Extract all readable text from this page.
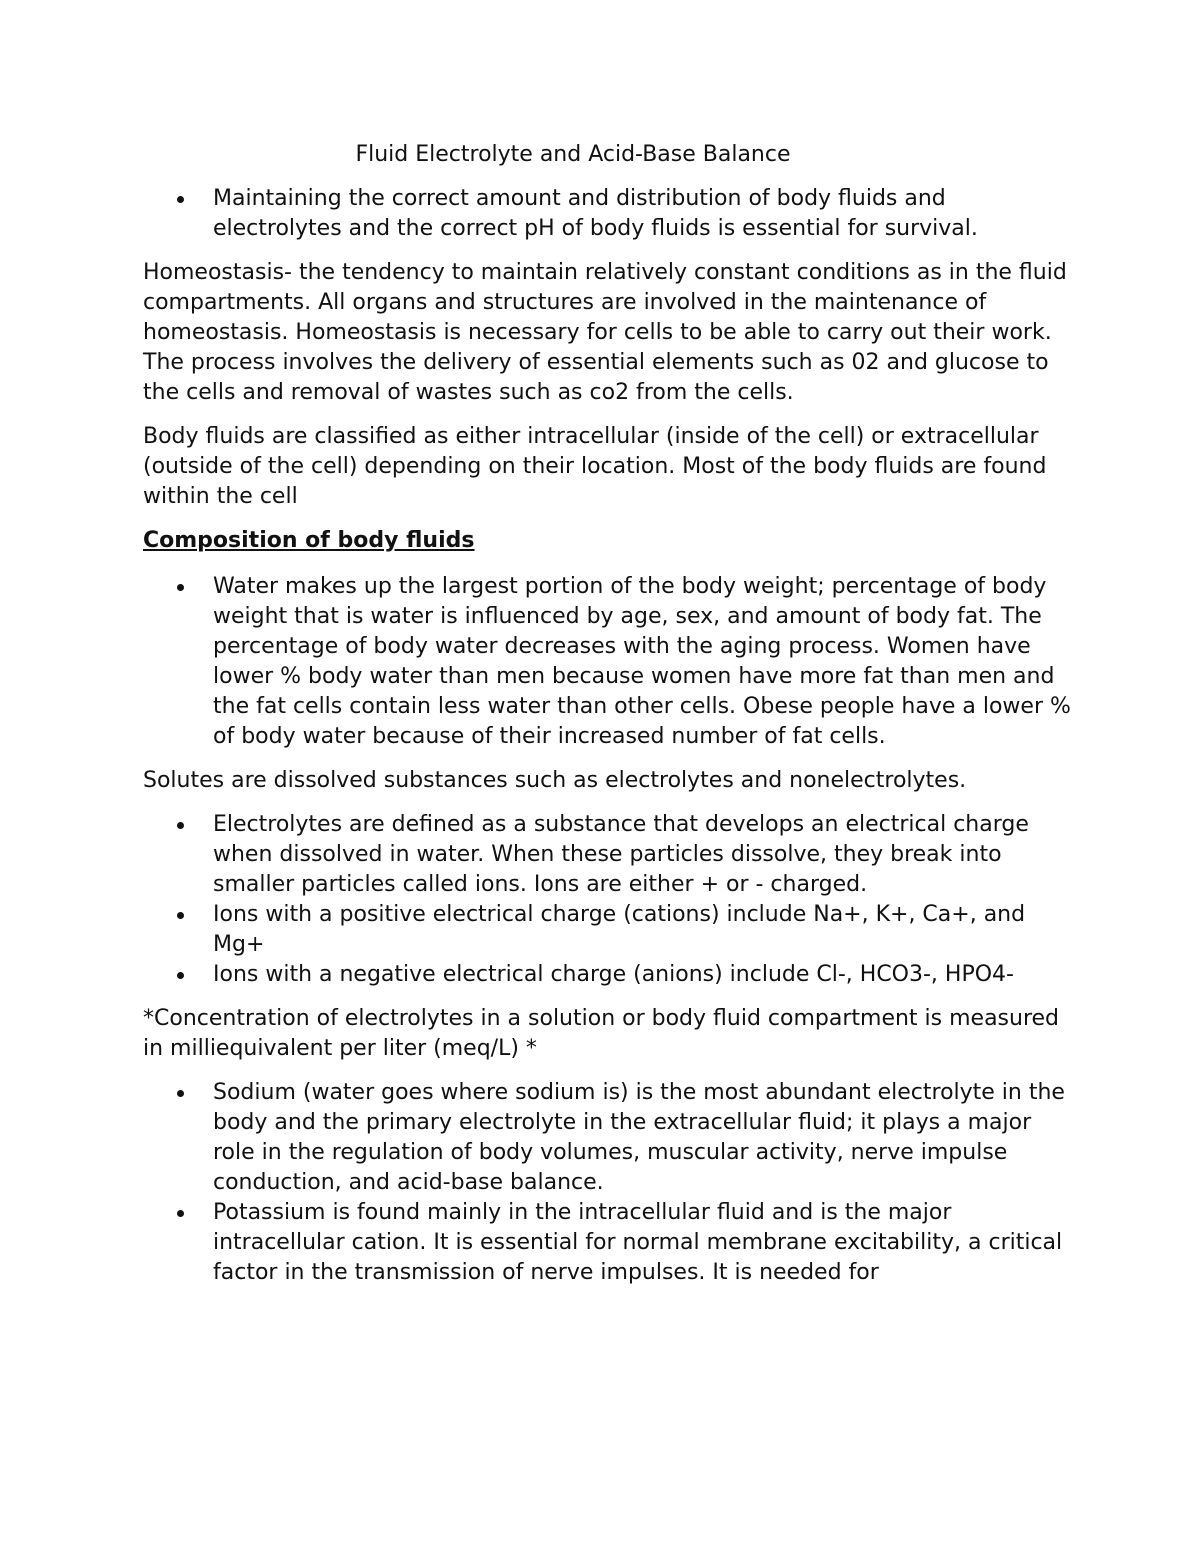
Fluid Electrolyte and Acid-Base Balance
Maintaining the correct amount and distribution of body fluids and electrolytes and the correct pH of body fluids is essential for survival.

Homeostasis- the tendency to maintain relatively constant conditions as in the fluid compartments. All organs and structures are involved in the maintenance of homeostasis. Homeostasis is necessary for cells to be able to carry out their work. The process involves the delivery of essential elements such as 02 and glucose to the cells and removal of wastes such as co2 from the cells.

Body fluids are classified as either intracellular (inside of the cell) or extracellular (outside of the cell) depending on their location. Most of the body fluids are found within the cell

Composition of body fluids
Water makes up the largest portion of the body weight; percentage of body weight that is water is influenced by age, sex, and amount of body fat. The percentage of body water decreases with the aging process. Women have lower % body water than men because women have more fat than men and the fat cells contain less water than other cells. Obese people have a lower % of body water because of their increased number of fat cells.

Solutes are dissolved substances such as electrolytes and nonelectrolytes.

Electrolytes are defined as a substance that develops an electrical charge when dissolved in water. When these particles dissolve, they break into smaller particles called ions. Ions are either + or - charged.
Ions with a positive electrical charge (cations) include Na+, K+, Ca+, and Mg+
Ions with a negative electrical charge (anions) include Cl-, HCO3-, HPO4-

*Concentration of electrolytes in a solution or body fluid compartment is measured in milliequivalent per liter (meq/L) *

Sodium (water goes where sodium is) is the most abundant electrolyte in the body and the primary electrolyte in the extracellular fluid; it plays a major role in the regulation of body volumes, muscular activity, nerve impulse conduction, and acid-base balance.
Potassium is found mainly in the intracellular fluid and is the major intracellular cation. It is essential for normal membrane excitability, a critical factor in the transmission of nerve impulses. It is needed for
